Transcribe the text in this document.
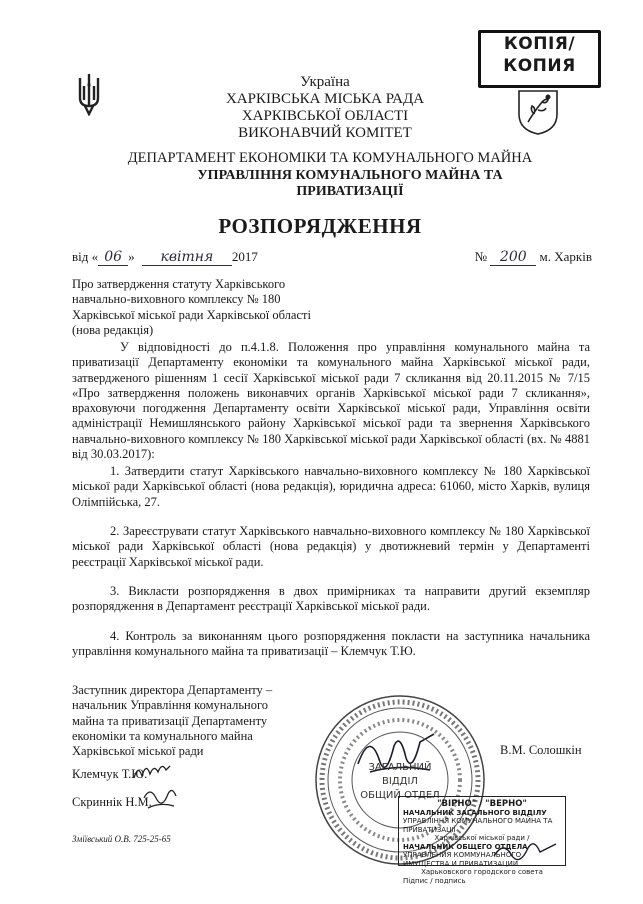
КОПІЯ/
КОПИЯ
Україна
ХАРКІВСЬКА МІСЬКА РАДА
ХАРКІВСЬКОЇ ОБЛАСТІ
ВИКОНАВЧИЙ КОМІТЕТ
ДЕПАРТАМЕНТ ЕКОНОМІКИ ТА КОМУНАЛЬНОГО МАЙНА
УПРАВЛІННЯ КОМУНАЛЬНОГО МАЙНА ТА
ПРИВАТИЗАЦІЇ
РОЗПОРЯДЖЕННЯ
від « 06 » квітня 2017	№ 200 м. Харків
Про затвердження статуту Харківського
навчально-виховного комплексу № 180
Харківської міської ради Харківської області
(нова редакція)
У відповідності до п.4.1.8. Положення про управління комунального майна та приватизації Департаменту економіки та комунального майна Харківської міської ради, затвердженого рішенням 1 сесії Харківської міської ради 7 скликання від 20.11.2015 № 7/15 «Про затвердження положень виконавчих органів Харківської міської ради 7 скликання», враховуючи погодження Департаменту освіти Харківської міської ради, Управління освіти адміністрації Немишлянського району Харківської міської ради та звернення Харківського навчально-виховного комплексу № 180 Харківської міської ради Харківської області (вх. № 4881 від 30.03.2017):
1. Затвердити статут Харківського навчально-виховного комплексу № 180 Харківської міської ради Харківської області (нова редакція), юридична адреса: 61060, місто Харків, вулиця Олімпійська, 27.
2. Зареєструвати статут Харківського навчально-виховного комплексу № 180 Харківської міської ради Харківської області (нова редакція) у двотижневий термін у Департаменті реєстрації Харківської міської ради.
3. Викласти розпорядження в двох примірниках та направити другий екземпляр розпорядження в Департамент реєстрації Харківської міської ради.
4. Контроль за виконанням цього розпорядження покласти на заступника начальника управління комунального майна та приватизації – Клемчук Т.Ю.
Заступник директора Департаменту –
начальник Управління комунального
майна та приватизації Департаменту
економіки та комунального майна
Харківської міської ради	В.М. Солошкін
Клемчук Т.Ю.
Скриннік Н.М.
ЗАГАЛЬНИЙ
ВІДДІЛ
ОБЩИЙ ОТДЕЛ
"ВІРНО" / "ВЕРНО"
НАЧАЛЬНИК ЗАГАЛЬНОГО ВІДДІЛУ
УПРАВЛІННЯ КОМУНАЛЬНОГО МАЙНА ТА ПРИВАТИЗАЦІЇ
Харківської міської ради /
НАЧАЛЬНИК ОБЩЕГО ОТДЕЛА
УПРАВЛЕНИЯ КОММУНАЛЬНОГО ИМУЩЕСТВА И ПРИВАТИЗАЦИИ
Харьковского городского совета
Підпис / подпись
Зміївський О.В. 725-25-65
